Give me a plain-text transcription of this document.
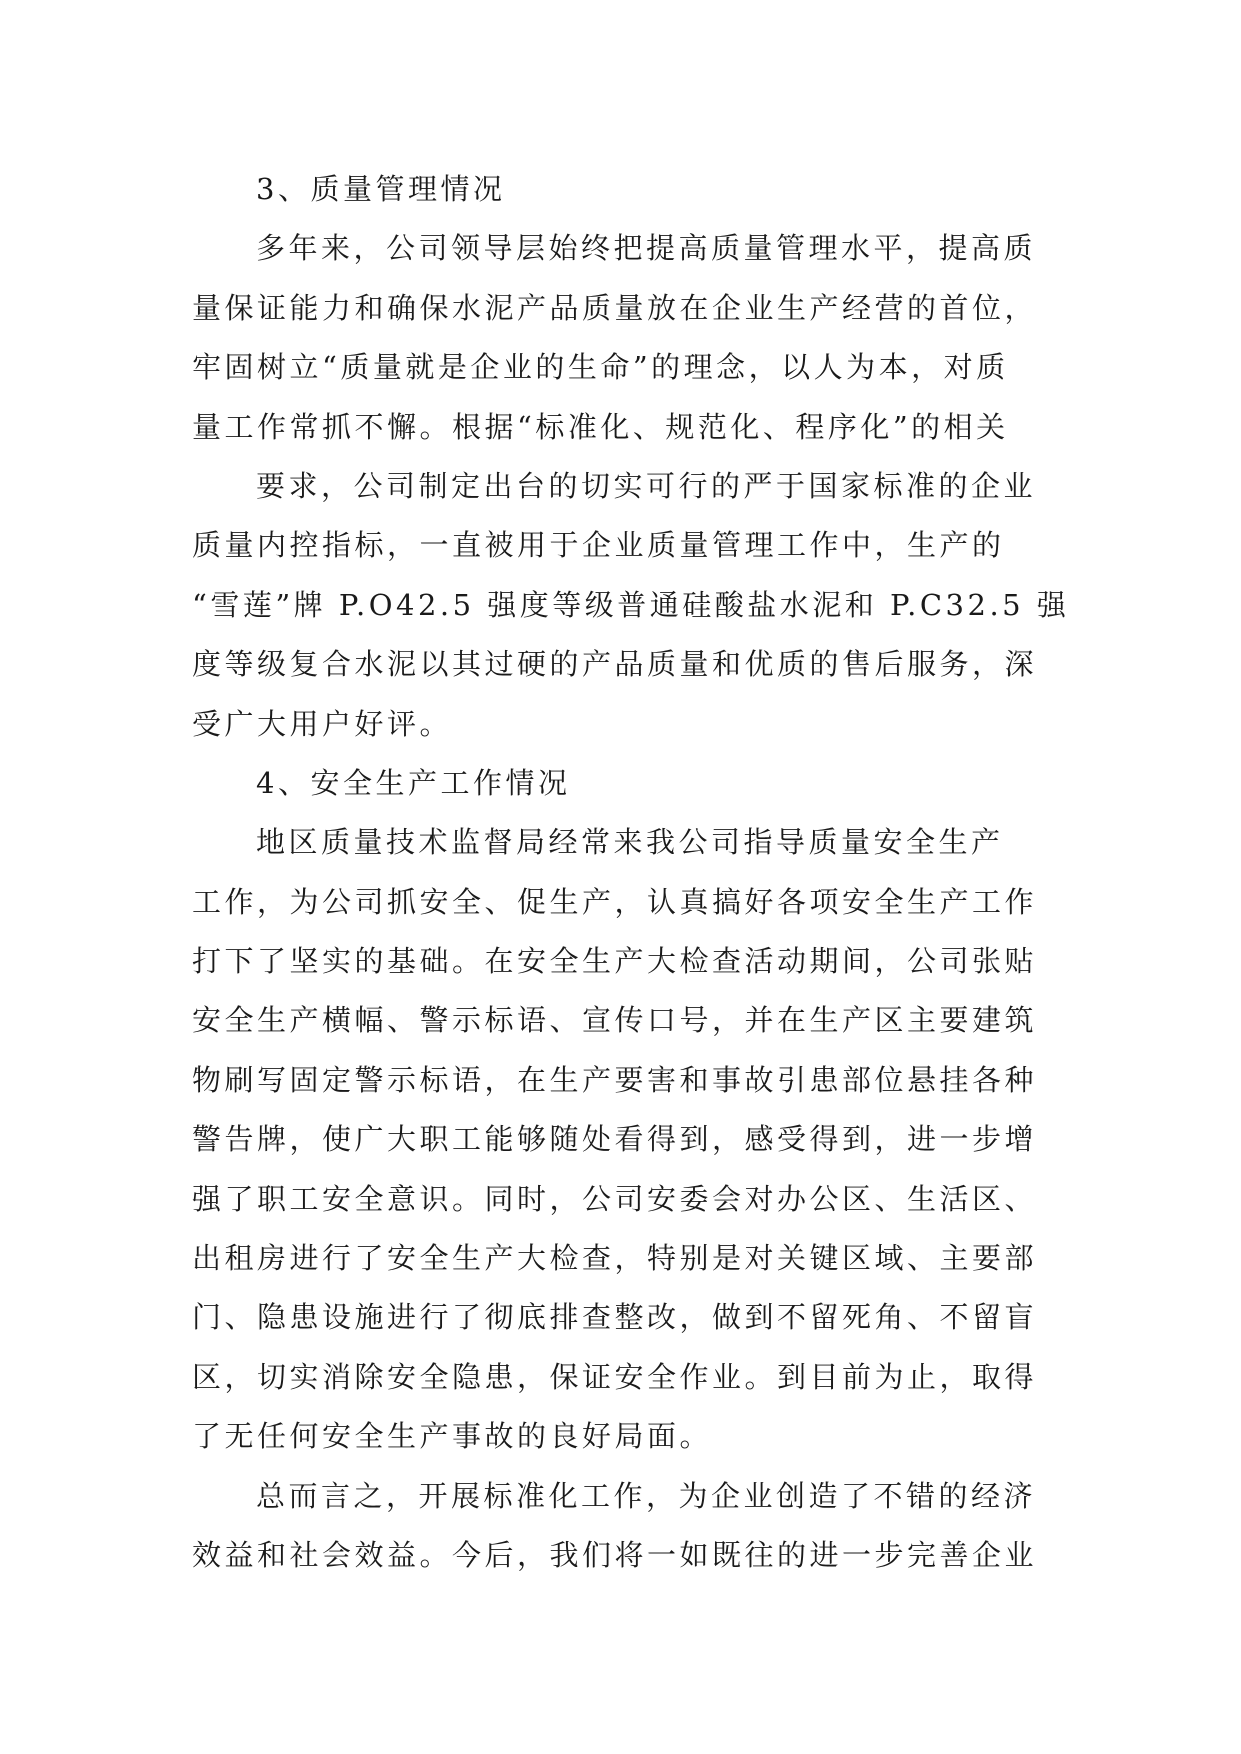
3、质量管理情况
多年来，公司领导层始终把提高质量管理水平，提高质
量保证能力和确保水泥产品质量放在企业生产经营的首位，
牢固树立“质量就是企业的生命”的理念，以人为本，对质
量工作常抓不懈。根据“标准化、规范化、程序化”的相关
要求，公司制定出台的切实可行的严于国家标准的企业
质量内控指标，一直被用于企业质量管理工作中，生产的
“雪莲”牌 P.O42.5 强度等级普通硅酸盐水泥和 P.C32.5 强
度等级复合水泥以其过硬的产品质量和优质的售后服务，深
受广大用户好评。
4、安全生产工作情况
地区质量技术监督局经常来我公司指导质量安全生产
工作，为公司抓安全、促生产，认真搞好各项安全生产工作
打下了坚实的基础。在安全生产大检查活动期间，公司张贴
安全生产横幅、警示标语、宣传口号，并在生产区主要建筑
物刷写固定警示标语，在生产要害和事故引患部位悬挂各种
警告牌，使广大职工能够随处看得到，感受得到，进一步增
强了职工安全意识。同时，公司安委会对办公区、生活区、
出租房进行了安全生产大检查，特别是对关键区域、主要部
门、隐患设施进行了彻底排查整改，做到不留死角、不留盲
区，切实消除安全隐患，保证安全作业。到目前为止，取得
了无任何安全生产事故的良好局面。
总而言之，开展标准化工作，为企业创造了不错的经济
效益和社会效益。今后，我们将一如既往的进一步完善企业
